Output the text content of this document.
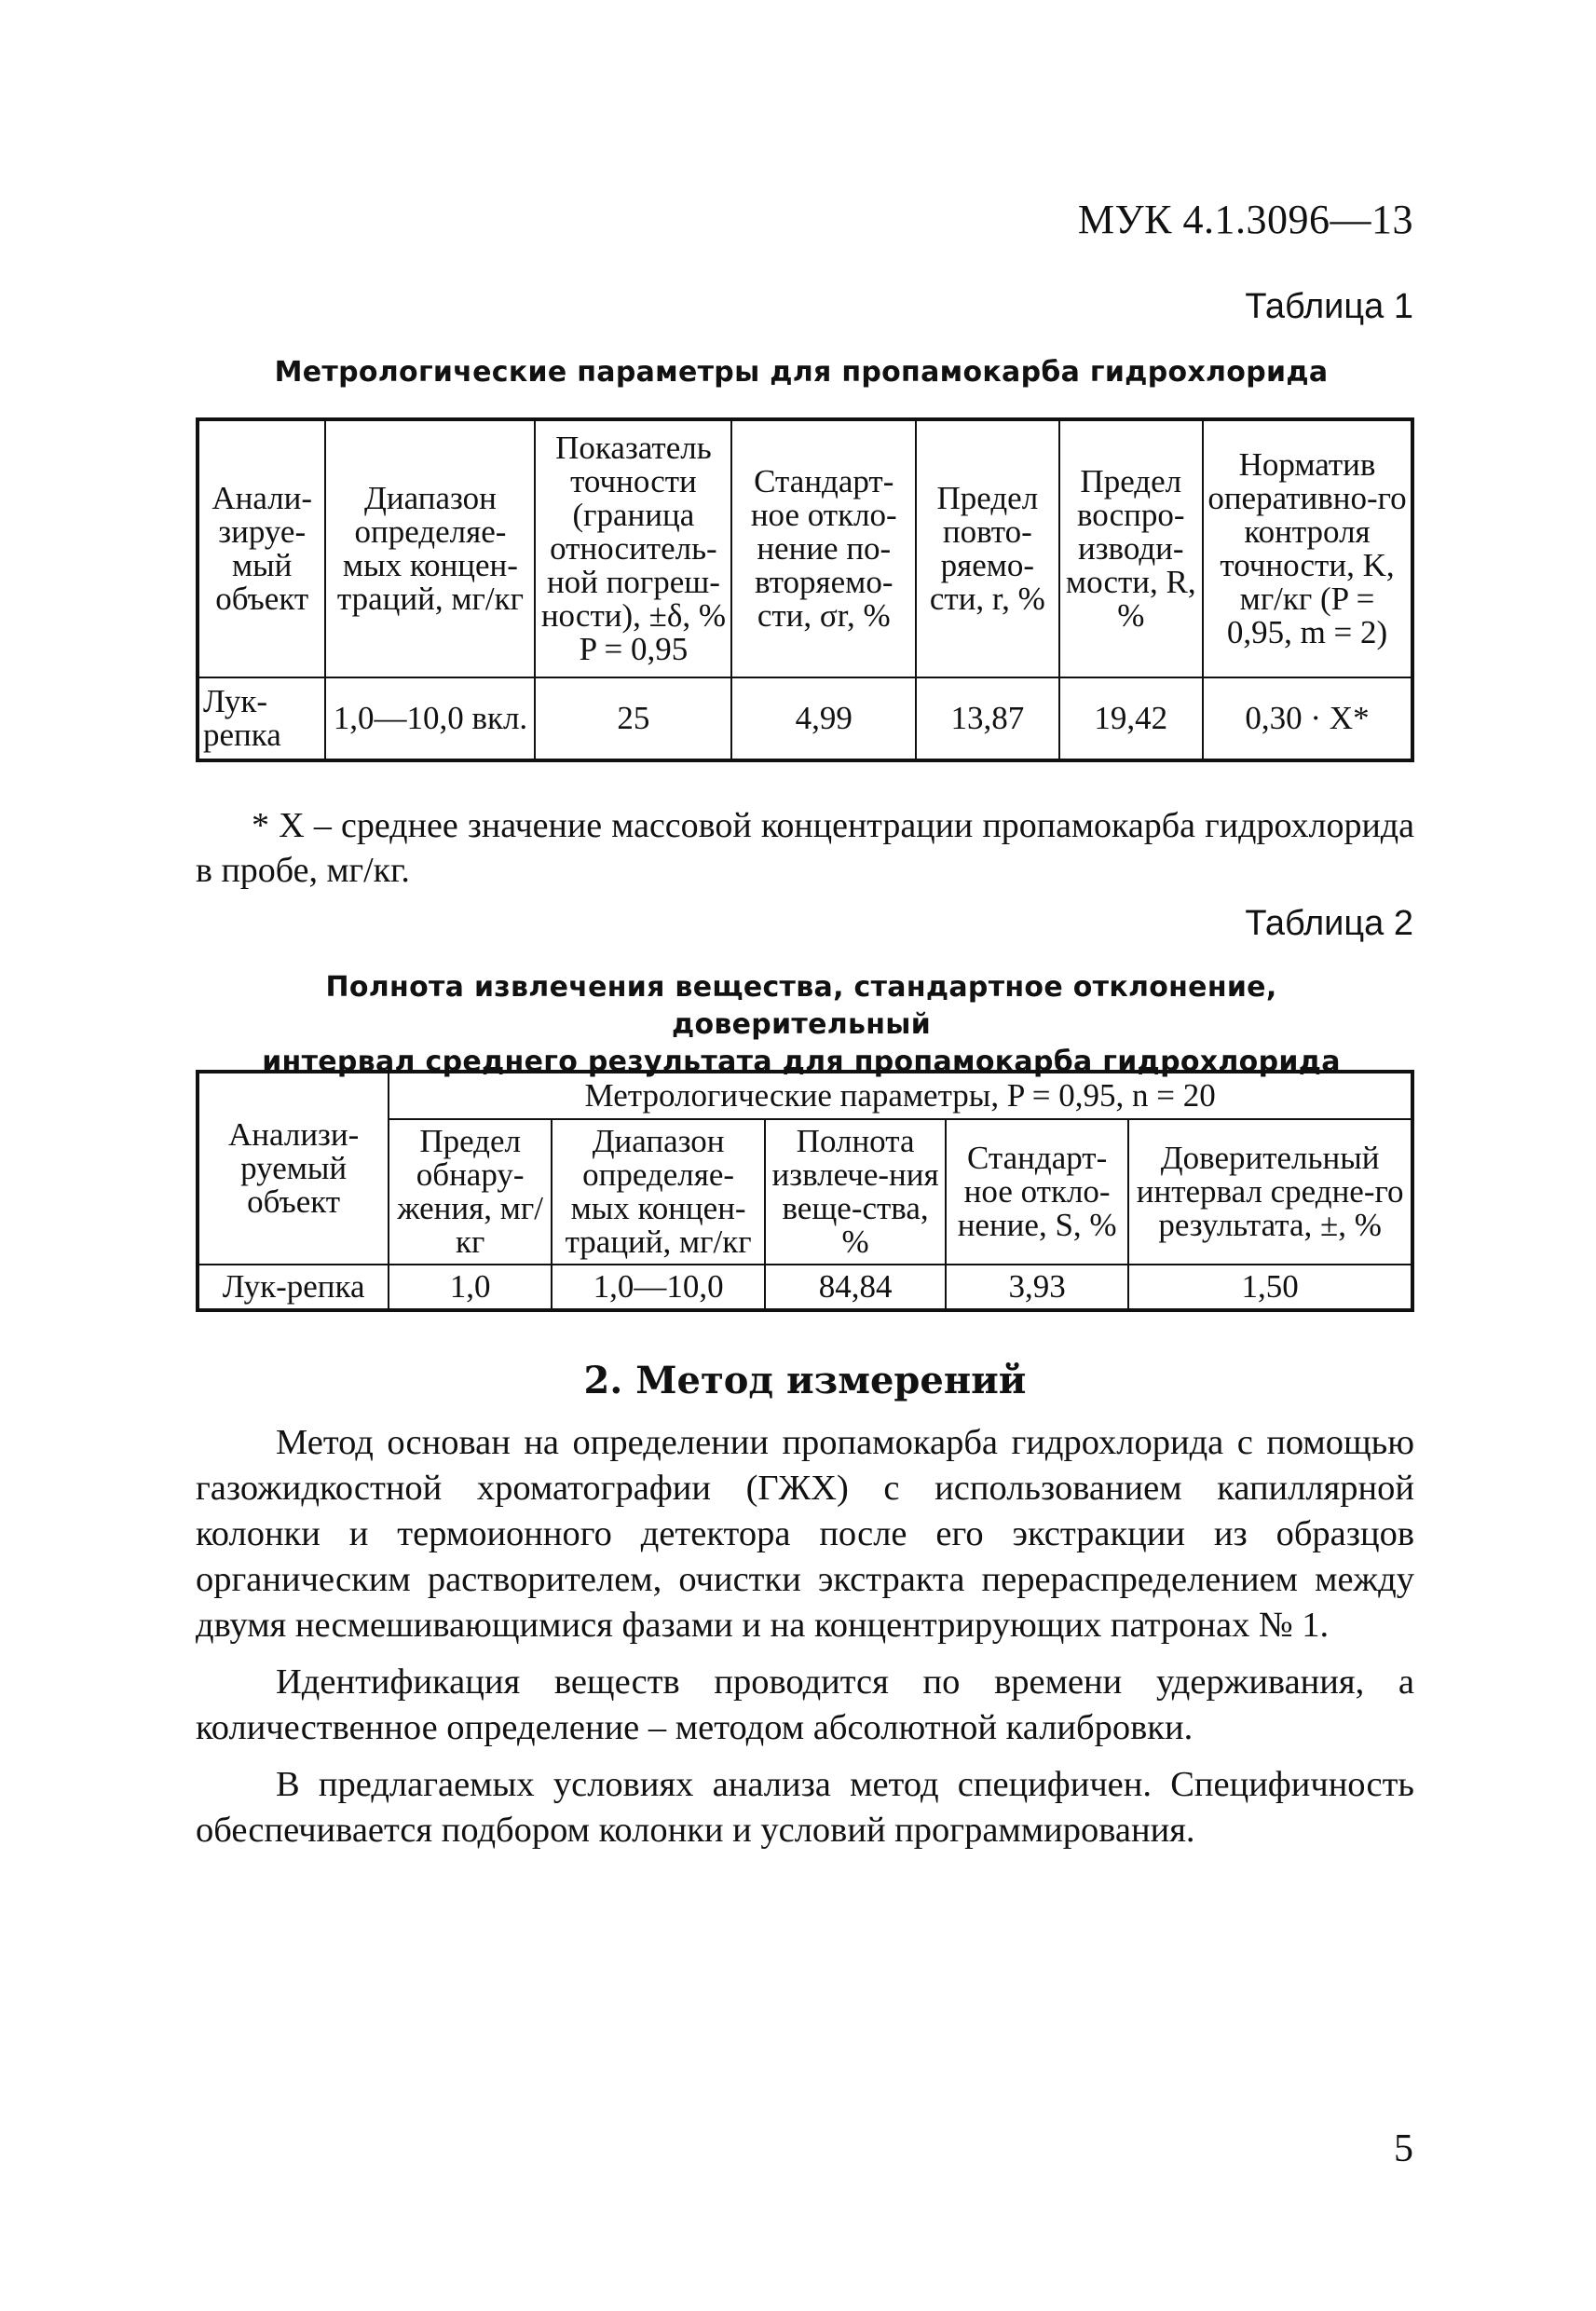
МУК 4.1.3096—13
Таблица 1
Метрологические параметры для пропамокарба гидрохлорида
Анали-зируе-мый объект	Диапазон определяе-мых концен-траций, мг/кг	Показатель точности (граница относитель-ной погреш-ности), ±δ, % P = 0,95	Стандарт-ное откло-нение по-вторяемо-сти, σr, %	Предел повто-ряемо-сти, r, %	Предел воспро-изводи-мости, R, %	Норматив оперативно-го контроля точности, K, мг/кг (P = 0,95, m = 2)
Лук-репка	1,0—10,0 вкл.	25	4,99	13,87	19,42	0,30 · X*
* X – среднее значение массовой концентрации пропамокарба гидрохлорида в пробе, мг/кг.
Таблица 2
Полнота извлечения вещества, стандартное отклонение, доверительный
интервал среднего результата для пропамокарба гидрохлорида
Анализи-руемый объект	Метрологические параметры, P = 0,95, n = 20				
	Предел обнару-жения, мг/кг	Диапазон определяе-мых концен-траций, мг/кг	Полнота извлече-ния веще-ства, %	Стандарт-ное откло-нение, S, %	Доверительный интервал средне-го результата, ±, %
Лук-репка	1,0	1,0—10,0	84,84	3,93	1,50
2. Метод измерений

Метод основан на определении пропамокарба гидрохлорида с помощью газожидкостной хроматографии (ГЖХ) с использованием капиллярной колонки и термоионного детектора после его экстракции из образцов органическим растворителем, очистки экстракта перераспределением между двумя несмешивающимися фазами и на концентрирующих патронах № 1.

Идентификация веществ проводится по времени удерживания, а количественное определение – методом абсолютной калибровки.

В предлагаемых условиях анализа метод специфичен. Специфичность обеспечивается подбором колонки и условий программирования.

5
